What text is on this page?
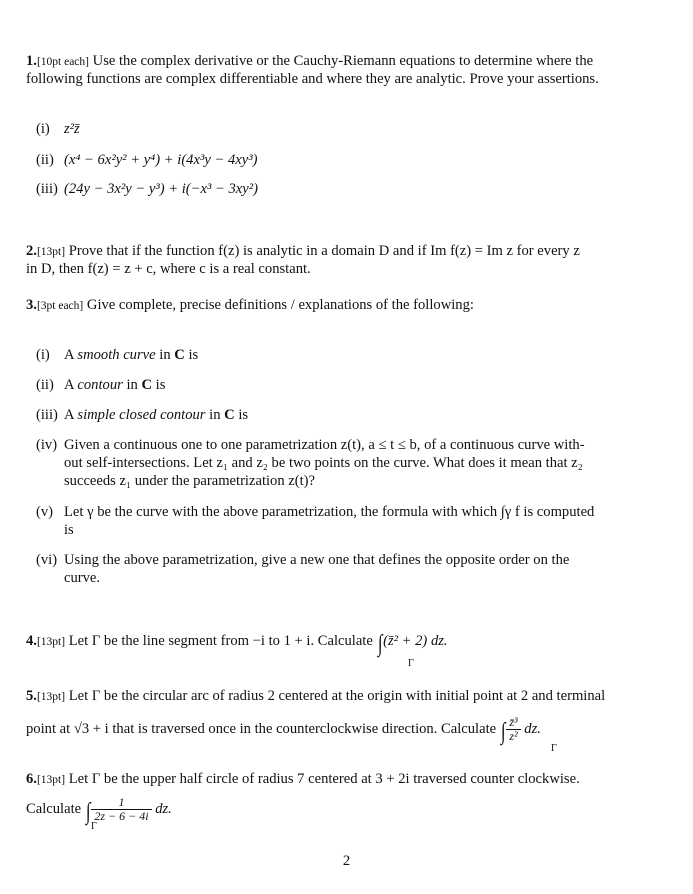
1.[10pt each] Use the complex derivative or the Cauchy-Riemann equations to determine where the
following functions are complex differentiable and where they are analytic. Prove your assertions.
(i) z²z̄
(ii) (x⁴ − 6x²y² + y⁴) + i(4x³y − 4xy³)
(iii) (24y − 3x²y − y³) + i(−x³ − 3xy²)
2.[13pt] Prove that if the function f(z) is analytic in a domain D and if Im f(z) = Im z for every z
in D, then f(z) = z + c, where c is a real constant.
3.[3pt each] Give complete, precise definitions / explanations of the following:
(i) A smooth curve in C is
(ii) A contour in C is
(iii) A simple closed contour in C is
(iv) Given a continuous one to one parametrization z(t), a ≤ t ≤ b, of a continuous curve with-
out self-intersections. Let z₁ and z₂ be two points on the curve. What does it mean that z₂
succeeds z₁ under the parametrization z(t)?
(v) Let γ be the curve with the above parametrization, the formula with which ∫γ f is computed
is
(vi) Using the above parametrization, give a new one that defines the opposite order on the
curve.
4.[13pt] Let Γ be the line segment from −i to 1 + i. Calculate ∫(z̄² + 2) dz.
Γ
5.[13pt] Let Γ be the circular arc of radius 2 centered at the origin with initial point at 2 and terminal
point at √3 + i that is traversed once in the counterclockwise direction. Calculate ∫ $\frac{\text{z̄³}}{\text{z²}}$ dz.
Γ
6.[13pt] Let Γ be the upper half circle of radius 7 centered at 3 + 2i traversed counter clockwise.
Calculate ∫ $\frac{1}{2z - 6 - 4i}$ dz.
Γ
2
